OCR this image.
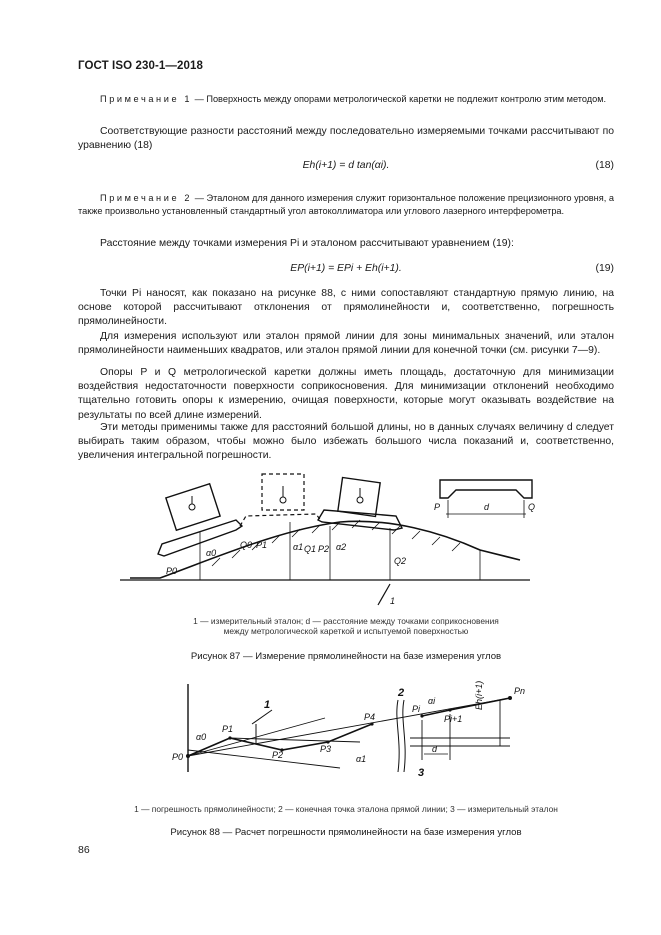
ГОСТ ISO 230-1—2018

Примечание 1 — Поверхность между опорами метрологической каретки не подлежит контролю этим методом.

Соответствующие разности расстояний между последовательно измеряемыми точками рассчитывают по уравнению (18)

Eh(i+1) = d tan(αi).	(18)

Примечание 2 — Эталоном для данного измерения служит горизонтальное положение прецизионного уровня, а также произвольно установленный стандартный угол автоколлиматора или углового лазерного интерферометра.

Расстояние между точками измерения Pi и эталоном рассчитывают уравнением (19):

EP(i+1) = EPi + Eh(i+1).	(19)

Точки Pi наносят, как показано на рисунке 88, с ними сопоставляют стандартную прямую линию, на основе которой рассчитывают отклонения от прямолинейности и, соответственно, погрешность прямолинейности.

Для измерения используют или эталон прямой линии для зоны минимальных значений, или эталон прямолинейности наименьших квадратов, или эталон прямой линии для конечной точки (см. рисунки 7—9).

Опоры P и Q метрологической каретки должны иметь площадь, достаточную для минимизации воздействия недостаточности поверхности соприкосновения. Для минимизации отклонений необходимо тщательно готовить опоры к измерению, очищая поверхности, которые могут оказывать воздействие на результаты по всей длине измерений.

Эти методы применимы также для расстояний большой длины, но в данных случаях величину d следует выбирать таким образом, чтобы можно было избежать большого числа показаний и, соответственно, увеличения интегральной погрешности.

P0
α0
Q0 P1	α1 Q1 P2 α2
Q2
1
P	Q
d
1 — измерительный эталон; d — расстояние между точками соприкосновения
между метрологической кареткой и испытуемой поверхностью
Рисунок 87 — Измерение прямолинейности на базе измерения углов
P0
α0
P1
P2
P3
α1
P4
Pi
αi
Pi+1
Pn
d
Eh(i+1)
1
2
3
1 — погрешность прямолинейности; 2 — конечная точка эталона прямой линии; 3 — измерительный эталон
Рисунок 88 — Расчет погрешности прямолинейности на базе измерения углов
86
